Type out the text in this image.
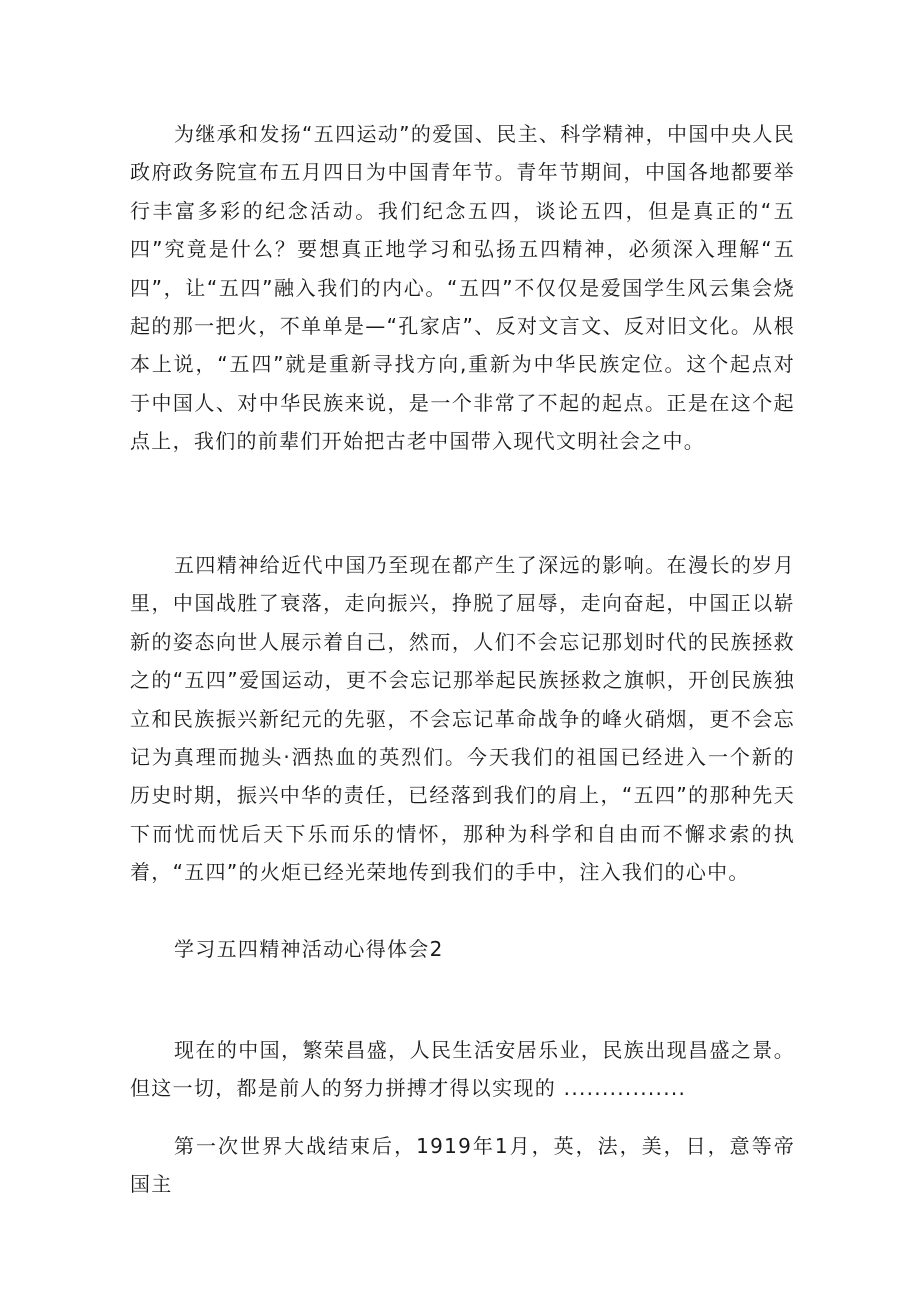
为继承和发扬“五四运动”的爱国、民主、科学精神，中国中央人民政府政务院宣布五月四日为中国青年节。青年节期间，中国各地都要举行丰富多彩的纪念活动。我们纪念五四，谈论五四，但是真正的“五四”究竟是什么？要想真正地学习和弘扬五四精神，必须深入理解“五四”，让“五四”融入我们的内心。“五四”不仅仅是爱国学生风云集会烧起的那一把火，不单单是—“孔家店”、反对文言文、反对旧文化。从根本上说，“五四”就是重新寻找方向,重新为中华民族定位。这个起点对于中国人、对中华民族来说，是一个非常了不起的起点。正是在这个起点上，我们的前辈们开始把古老中国带入现代文明社会之中。

五四精神给近代中国乃至现在都产生了深远的影响。在漫长的岁月里，中国战胜了衰落，走向振兴，挣脱了屈辱，走向奋起，中国正以崭新的姿态向世人展示着自己，然而，人们不会忘记那划时代的民族拯救之的“五四”爱国运动，更不会忘记那举起民族拯救之旗帜，开创民族独立和民族振兴新纪元的先驱，不会忘记革命战争的峰火硝烟，更不会忘记为真理而抛头·洒热血的英烈们。今天我们的祖国已经进入一个新的历史时期，振兴中华的责任，已经落到我们的肩上，“五四”的那种先天下而忧而忧后天下乐而乐的情怀，那种为科学和自由而不懈求索的执着，“五四”的火炬已经光荣地传到我们的手中，注入我们的心中。

学习五四精神活动心得体会2

现在的中国，繁荣昌盛，人民生活安居乐业，民族出现昌盛之景。但这一切，都是前人的努力拼搏才得以实现的 ................

第一次世界大战结束后，1919年1月，英，法，美，日，意等帝国主
